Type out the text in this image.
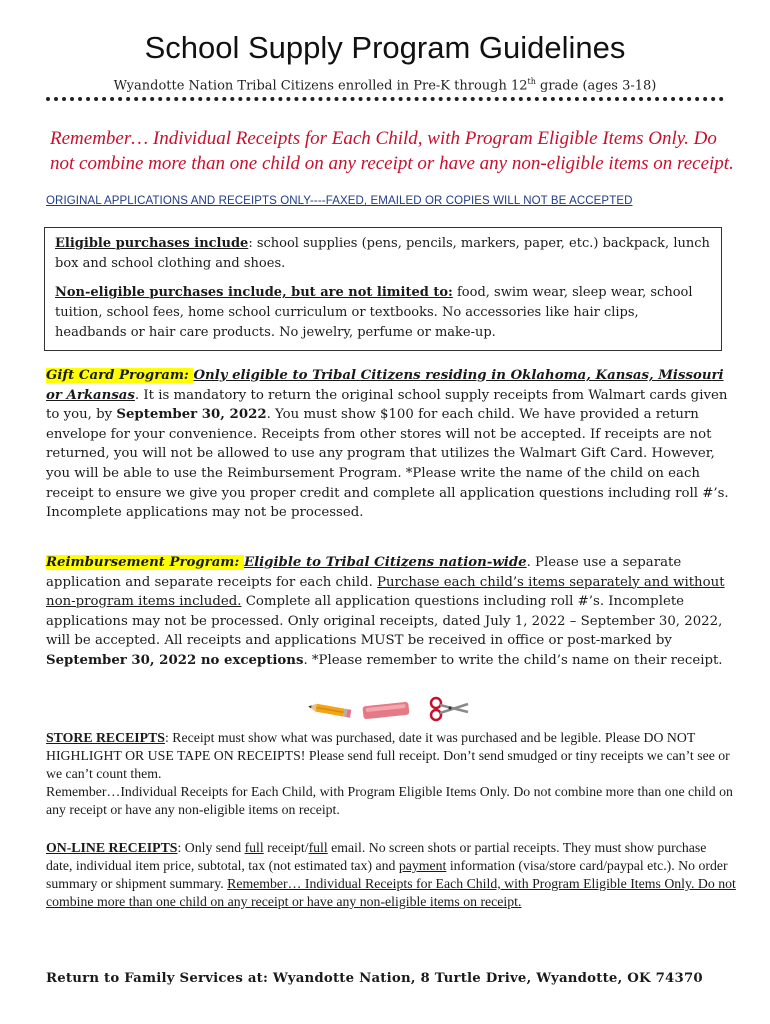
School Supply Program Guidelines
Wyandotte Nation Tribal Citizens enrolled in Pre-K through 12th grade (ages 3-18)
Remember… Individual Receipts for Each Child, with Program Eligible Items Only. Do not combine more than one child on any receipt or have any non-eligible items on receipt.
ORIGINAL APPLICATIONS AND RECEIPTS ONLY----FAXED, EMAILED OR COPIES WILL NOT BE ACCEPTED

Eligible purchases include: school supplies (pens, pencils, markers, paper, etc.) backpack, lunch box and school clothing and shoes.

Non-eligible purchases include, but are not limited to: food, swim wear, sleep wear, school tuition, school fees, home school curriculum or textbooks. No accessories like hair clips, headbands or hair care products. No jewelry, perfume or make-up.

Gift Card Program: Only eligible to Tribal Citizens residing in Oklahoma, Kansas, Missouri or Arkansas. It is mandatory to return the original school supply receipts from Walmart cards given to you, by September 30, 2022. You must show $100 for each child. We have provided a return envelope for your convenience. Receipts from other stores will not be accepted. If receipts are not returned, you will not be allowed to use any program that utilizes the Walmart Gift Card. However, you will be able to use the Reimbursement Program. *Please write the name of the child on each receipt to ensure we give you proper credit and complete all application questions including roll #’s. Incomplete applications may not be processed.

Reimbursement Program: Eligible to Tribal Citizens nation-wide. Please use a separate application and separate receipts for each child. Purchase each child’s items separately and without non-program items included. Complete all application questions including roll #’s. Incomplete applications may not be processed. Only original receipts, dated July 1, 2022 – September 30, 2022, will be accepted. All receipts and applications MUST be received in office or post-marked by September 30, 2022 no exceptions. *Please remember to write the child’s name on their receipt.

STORE RECEIPTS: Receipt must show what was purchased, date it was purchased and be legible. Please DO NOT HIGHLIGHT OR USE TAPE ON RECEIPTS! Please send full receipt. Don’t send smudged or tiny receipts we can’t see or we can’t count them.

Remember…Individual Receipts for Each Child, with Program Eligible Items Only. Do not combine more than one child on any receipt or have any non-eligible items on receipt.

ON-LINE RECEIPTS: Only send full receipt/full email. No screen shots or partial receipts. They must show purchase date, individual item price, subtotal, tax (not estimated tax) and payment information (visa/store card/paypal etc.). No order summary or shipment summary. Remember… Individual Receipts for Each Child, with Program Eligible Items Only. Do not combine more than one child on any receipt or have any non-eligible items on receipt.

Return to Family Services at: Wyandotte Nation, 8 Turtle Drive, Wyandotte, OK 74370
